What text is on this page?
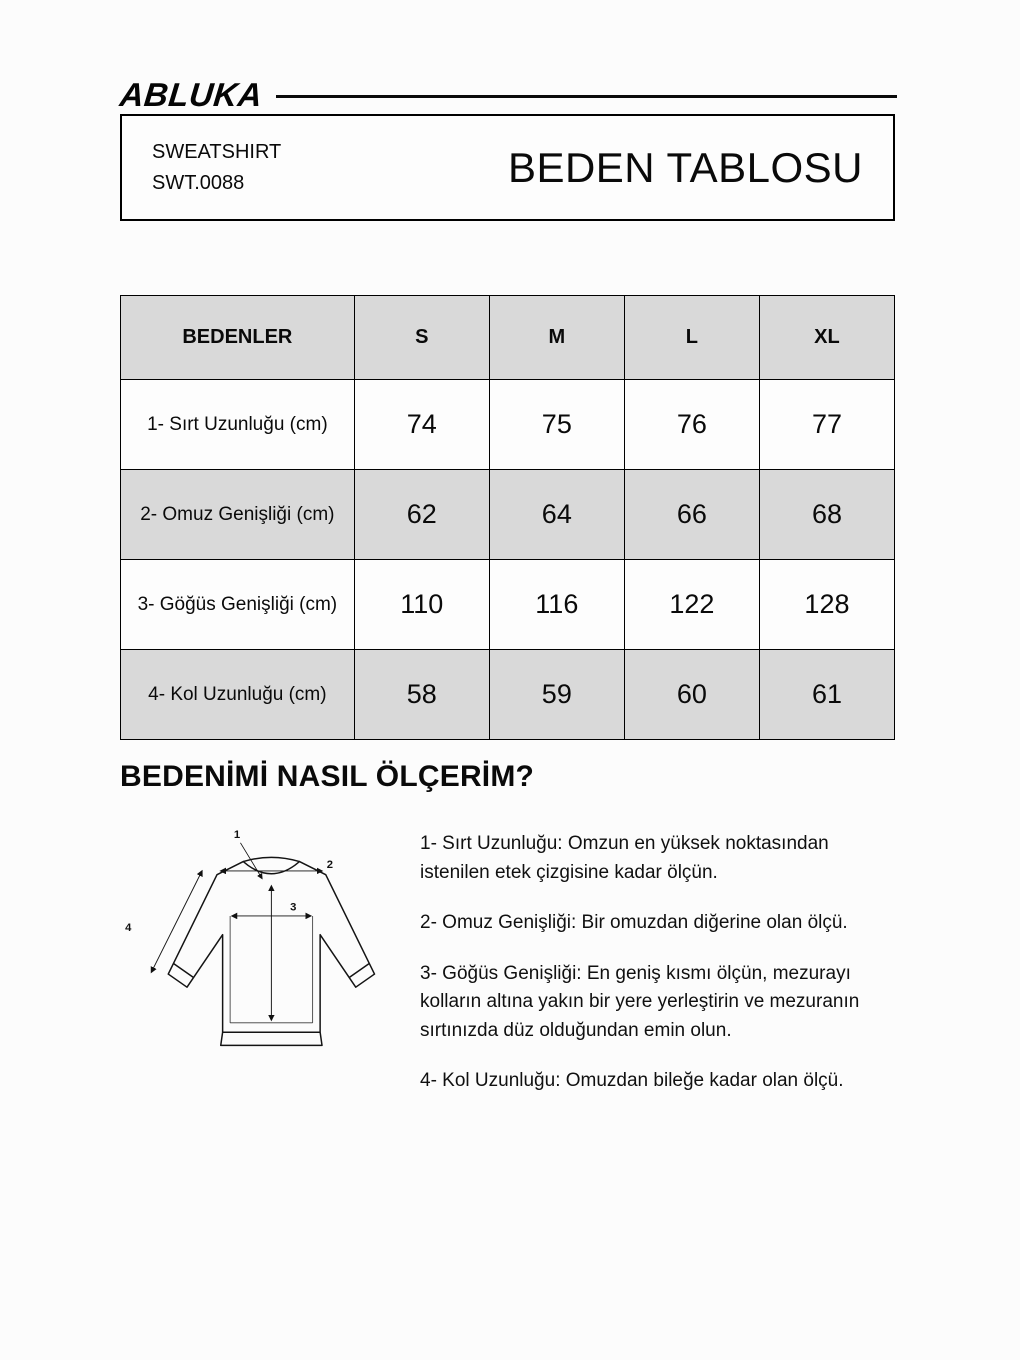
ABLUKA
SWEATSHIRT
SWT.0088	BEDEN TABLOSU
BEDENLER	S	M	L	XL
1- Sırt Uzunluğu (cm)	74	75	76	77
2- Omuz Genişliği (cm)	62	64	66	68
3- Göğüs Genişliği (cm)	110	116	122	128
4- Kol Uzunluğu (cm)	58	59	60	61
BEDENİMİ NASIL ÖLÇERİM?
1
2
3
4

1- Sırt Uzunluğu: Omzun en yüksek noktasından istenilen etek çizgisine kadar ölçün.

2- Omuz Genişliği: Bir omuzdan diğerine olan ölçü.

3- Göğüs Genişliği: En geniş kısmı ölçün, mezurayı kolların altına yakın bir yere yerleştirin ve mezuranın sırtınızda düz olduğundan emin olun.

4- Kol Uzunluğu: Omuzdan bileğe kadar olan ölçü.
